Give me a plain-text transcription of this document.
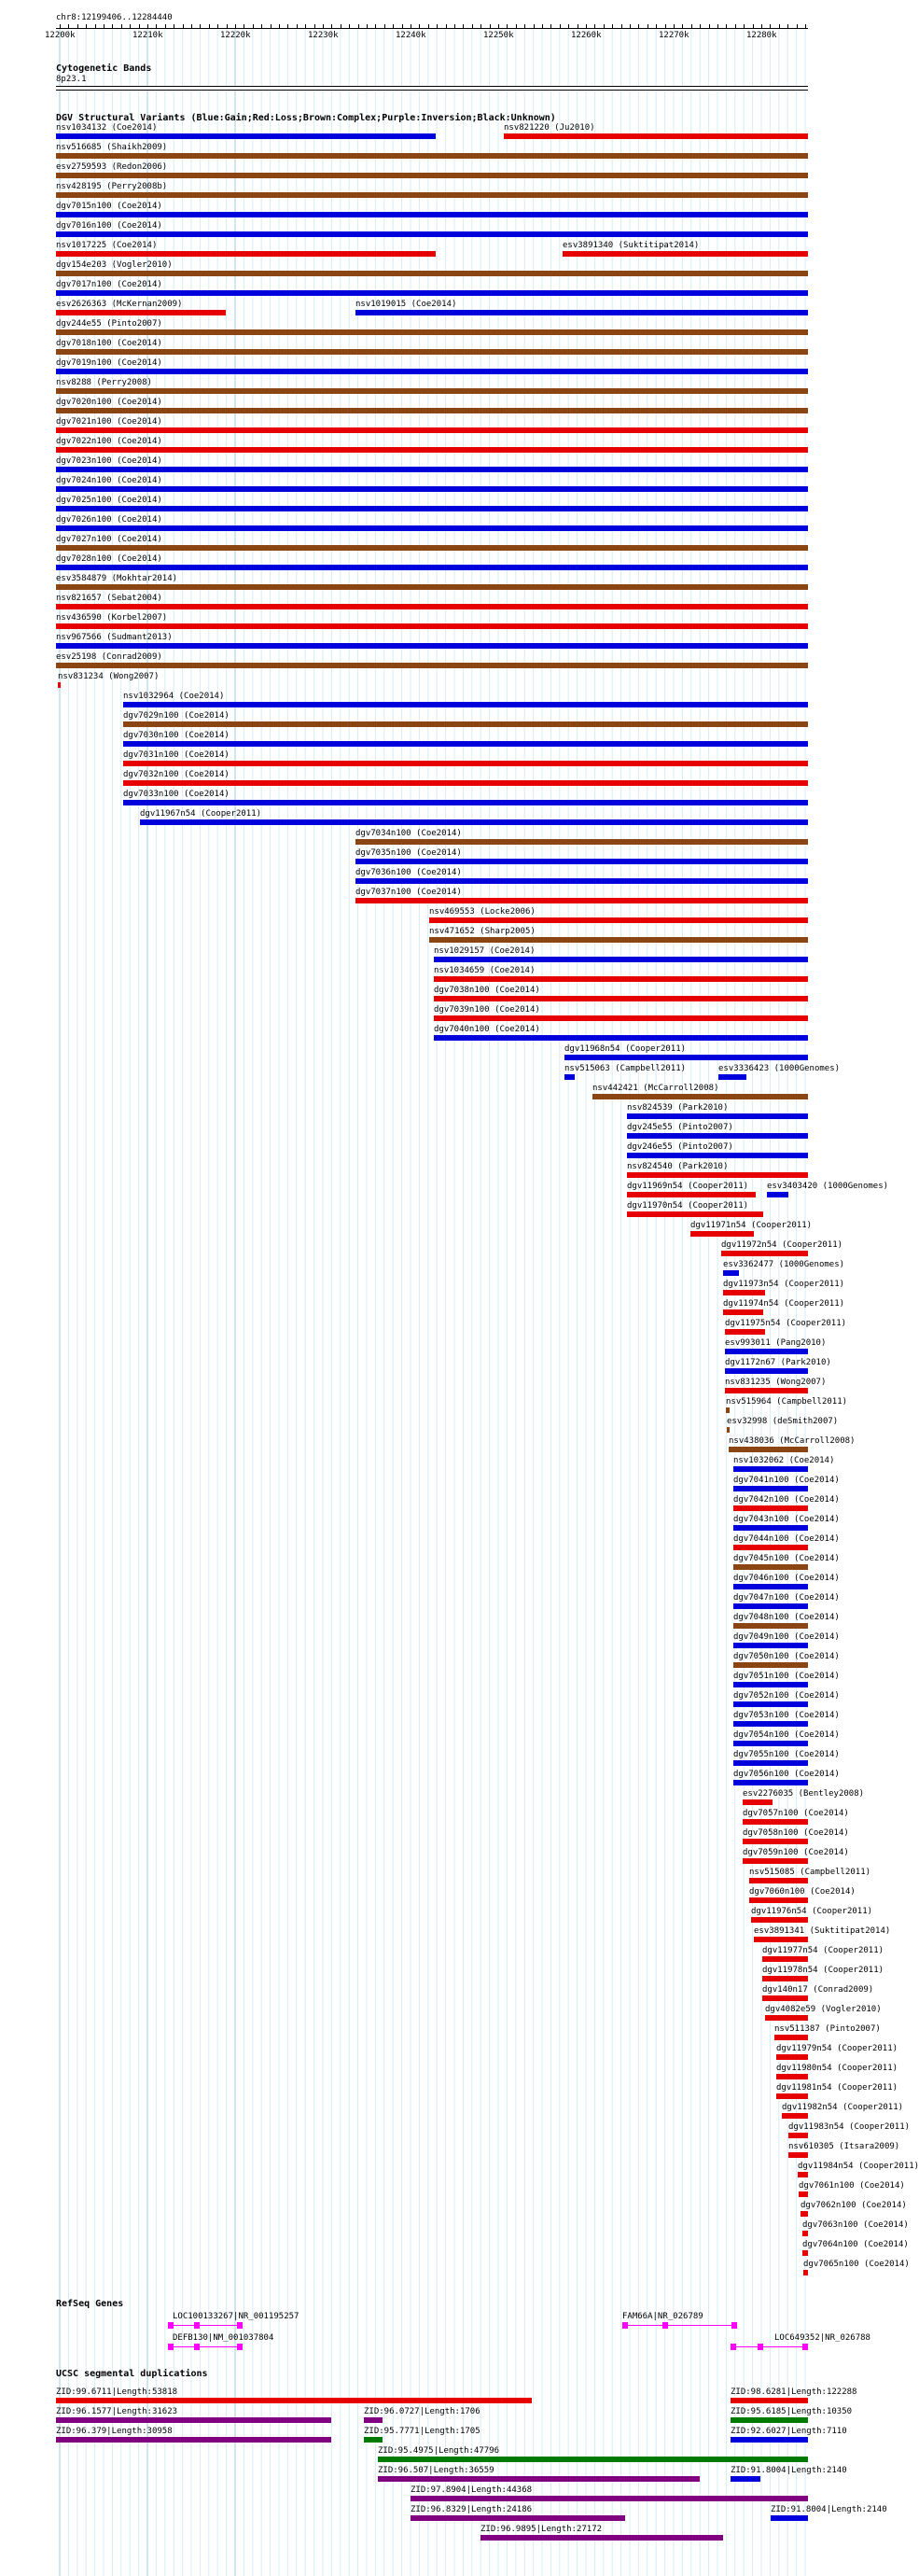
chr8:12199406..12284440
12200k	12210k	12220k	12230k	12240k	12250k	12260k	12270k	12280k
Cytogenetic Bands
8p23.1
DGV Structural Variants (Blue:Gain;Red:Loss;Brown:Complex;Purple:Inversion;Black:Unknown)
nsv1034132 (Coe2014)	nsv821220 (Ju2010)
nsv516685 (Shaikh2009)
esv2759593 (Redon2006)
nsv428195 (Perry2008b)
dgv7015n100 (Coe2014)
dgv7016n100 (Coe2014)
nsv1017225 (Coe2014)	esv3891340 (Suktitipat2014)
dgv154e203 (Vogler2010)
dgv7017n100 (Coe2014)
esv2626363 (McKernan2009)	nsv1019015 (Coe2014)
dgv244e55 (Pinto2007)
dgv7018n100 (Coe2014)
dgv7019n100 (Coe2014)
nsv8288 (Perry2008)
dgv7020n100 (Coe2014)
dgv7021n100 (Coe2014)
dgv7022n100 (Coe2014)
dgv7023n100 (Coe2014)
dgv7024n100 (Coe2014)
dgv7025n100 (Coe2014)
dgv7026n100 (Coe2014)
dgv7027n100 (Coe2014)
dgv7028n100 (Coe2014)
esv3584879 (Mokhtar2014)
nsv821657 (Sebat2004)
nsv436590 (Korbel2007)
nsv967566 (Sudmant2013)
esv25198 (Conrad2009)
nsv831234 (Wong2007)
nsv1032964 (Coe2014)
dgv7029n100 (Coe2014)
dgv7030n100 (Coe2014)
dgv7031n100 (Coe2014)
dgv7032n100 (Coe2014)
dgv7033n100 (Coe2014)
dgv11967n54 (Cooper2011)
dgv7034n100 (Coe2014)
dgv7035n100 (Coe2014)
dgv7036n100 (Coe2014)
dgv7037n100 (Coe2014)
nsv469553 (Locke2006)
nsv471652 (Sharp2005)
nsv1029157 (Coe2014)
nsv1034659 (Coe2014)
dgv7038n100 (Coe2014)
dgv7039n100 (Coe2014)
dgv7040n100 (Coe2014)
dgv11968n54 (Cooper2011)
nsv515063 (Campbell2011)	esv3336423 (1000Genomes)
nsv442421 (McCarroll2008)
nsv824539 (Park2010)
dgv245e55 (Pinto2007)
dgv246e55 (Pinto2007)
nsv824540 (Park2010)
dgv11969n54 (Cooper2011) esv3403420 (1000Genomes)
dgv11970n54 (Cooper2011)
dgv11971n54 (Cooper2011)
dgv11972n54 (Cooper2011)
esv3362477 (1000Genomes)
dgv11973n54 (Cooper2011)
dgv11974n54 (Cooper2011)
dgv11975n54 (Cooper2011)
esv993011 (Pang2010)
dgv1172n67 (Park2010)
nsv831235 (Wong2007)
nsv515964 (Campbell2011)
esv32998 (deSmith2007)
nsv438036 (McCarroll2008)
nsv1032062 (Coe2014)
dgv7041n100 (Coe2014)
dgv7042n100 (Coe2014)
dgv7043n100 (Coe2014)
dgv7044n100 (Coe2014)
dgv7045n100 (Coe2014)
dgv7046n100 (Coe2014)
dgv7047n100 (Coe2014)
dgv7048n100 (Coe2014)
dgv7049n100 (Coe2014)
dgv7050n100 (Coe2014)
dgv7051n100 (Coe2014)
dgv7052n100 (Coe2014)
dgv7053n100 (Coe2014)
dgv7054n100 (Coe2014)
dgv7055n100 (Coe2014)
dgv7056n100 (Coe2014)
esv2276035 (Bentley2008)
dgv7057n100 (Coe2014)
dgv7058n100 (Coe2014)
dgv7059n100 (Coe2014)
nsv515085 (Campbell2011)
dgv7060n100 (Coe2014)
dgv11976n54 (Cooper2011)
esv3891341 (Suktitipat2014)
dgv11977n54 (Cooper2011)
dgv11978n54 (Cooper2011)
dgv140n17 (Conrad2009)
dgv4082e59 (Vogler2010)
nsv511387 (Pinto2007)
dgv11979n54 (Cooper2011)
dgv11980n54 (Cooper2011)
dgv11981n54 (Cooper2011)
dgv11982n54 (Cooper2011)
dgv11983n54 (Cooper2011)
nsv610305 (Itsara2009)
dgv11984n54 (Cooper2011)
dgv7061n100 (Coe2014)
dgv7062n100 (Coe2014)
dgv7063n100 (Coe2014)
dgv7064n100 (Coe2014)
dgv7065n100 (Coe2014)
RefSeq Genes
LOC100133267|NR_001195257
DEFB130|NM_001037804
FAM66A|NR_026789
LOC649352|NR_026788
UCSC segmental duplications
ZID:99.6711|Length:53818	ZID:98.6281|Length:122288
ZID:96.1577|Length:31623	ZID:96.0727|Length:1706	ZID:95.6185|Length:10350
ZID:96.379|Length:30958	ZID:95.7771|Length:1705	ZID:92.6027|Length:7110
ZID:95.4975|Length:47796
ZID:96.507|Length:36559	ZID:91.8004|Length:2140
ZID:97.8904|Length:44368
ZID:96.8329|Length:24186	ZID:91.8004|Length:2140
ZID:96.9895|Length:27172
